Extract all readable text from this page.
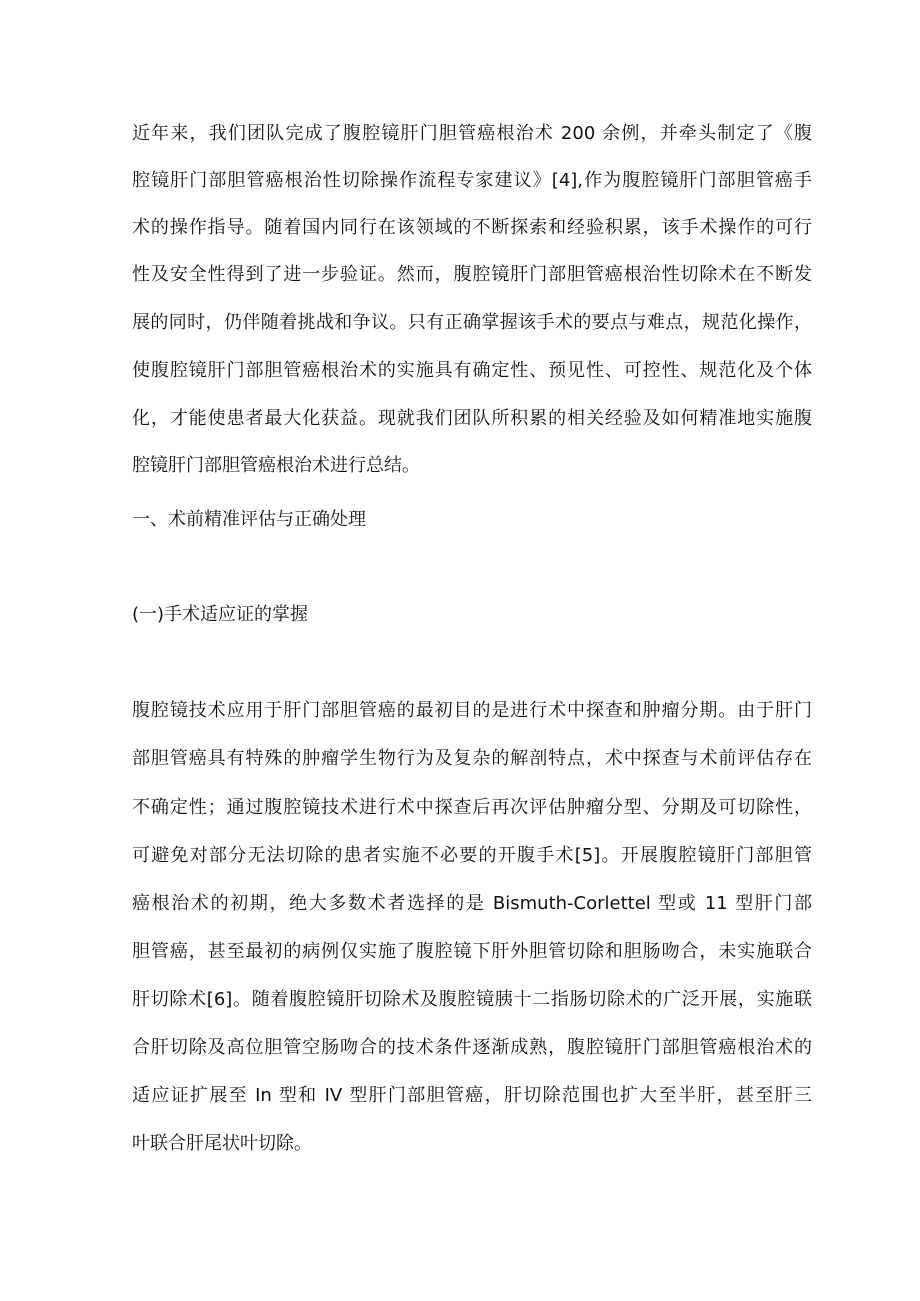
近年来，我们团队完成了腹腔镜肝门胆管癌根治术 200 余例，并牵头制定了《腹
腔镜肝门部胆管癌根治性切除操作流程专家建议》[4],作为腹腔镜肝门部胆管癌手
术的操作指导。随着国内同行在该领域的不断探索和经验积累，该手术操作的可行
性及安全性得到了进一步验证。然而，腹腔镜肝门部胆管癌根治性切除术在不断发
展的同时，仍伴随着挑战和争议。只有正确掌握该手术的要点与难点，规范化操作，
使腹腔镜肝门部胆管癌根治术的实施具有确定性、预见性、可控性、规范化及个体
化，才能使患者最大化获益。现就我们团队所积累的相关经验及如何精准地实施腹
腔镜肝门部胆管癌根治术进行总结。
一、术前精准评估与正确处理
(一)手术适应证的掌握
腹腔镜技术应用于肝门部胆管癌的最初目的是进行术中探查和肿瘤分期。由于肝门
部胆管癌具有特殊的肿瘤学生物行为及复杂的解剖特点，术中探查与术前评估存在
不确定性；通过腹腔镜技术进行术中探查后再次评估肿瘤分型、分期及可切除性，
可避免对部分无法切除的患者实施不必要的开腹手术[5]。开展腹腔镜肝门部胆管
癌根治术的初期，绝大多数术者选择的是 Bismuth-Corlettel 型或 11 型肝门部
胆管癌，甚至最初的病例仅实施了腹腔镜下肝外胆管切除和胆肠吻合，未实施联合
肝切除术[6]。随着腹腔镜肝切除术及腹腔镜胰十二指肠切除术的广泛开展，实施联
合肝切除及高位胆管空肠吻合的技术条件逐渐成熟，腹腔镜肝门部胆管癌根治术的
适应证扩展至 In 型和 IV 型肝门部胆管癌，肝切除范围也扩大至半肝，甚至肝三
叶联合肝尾状叶切除。
